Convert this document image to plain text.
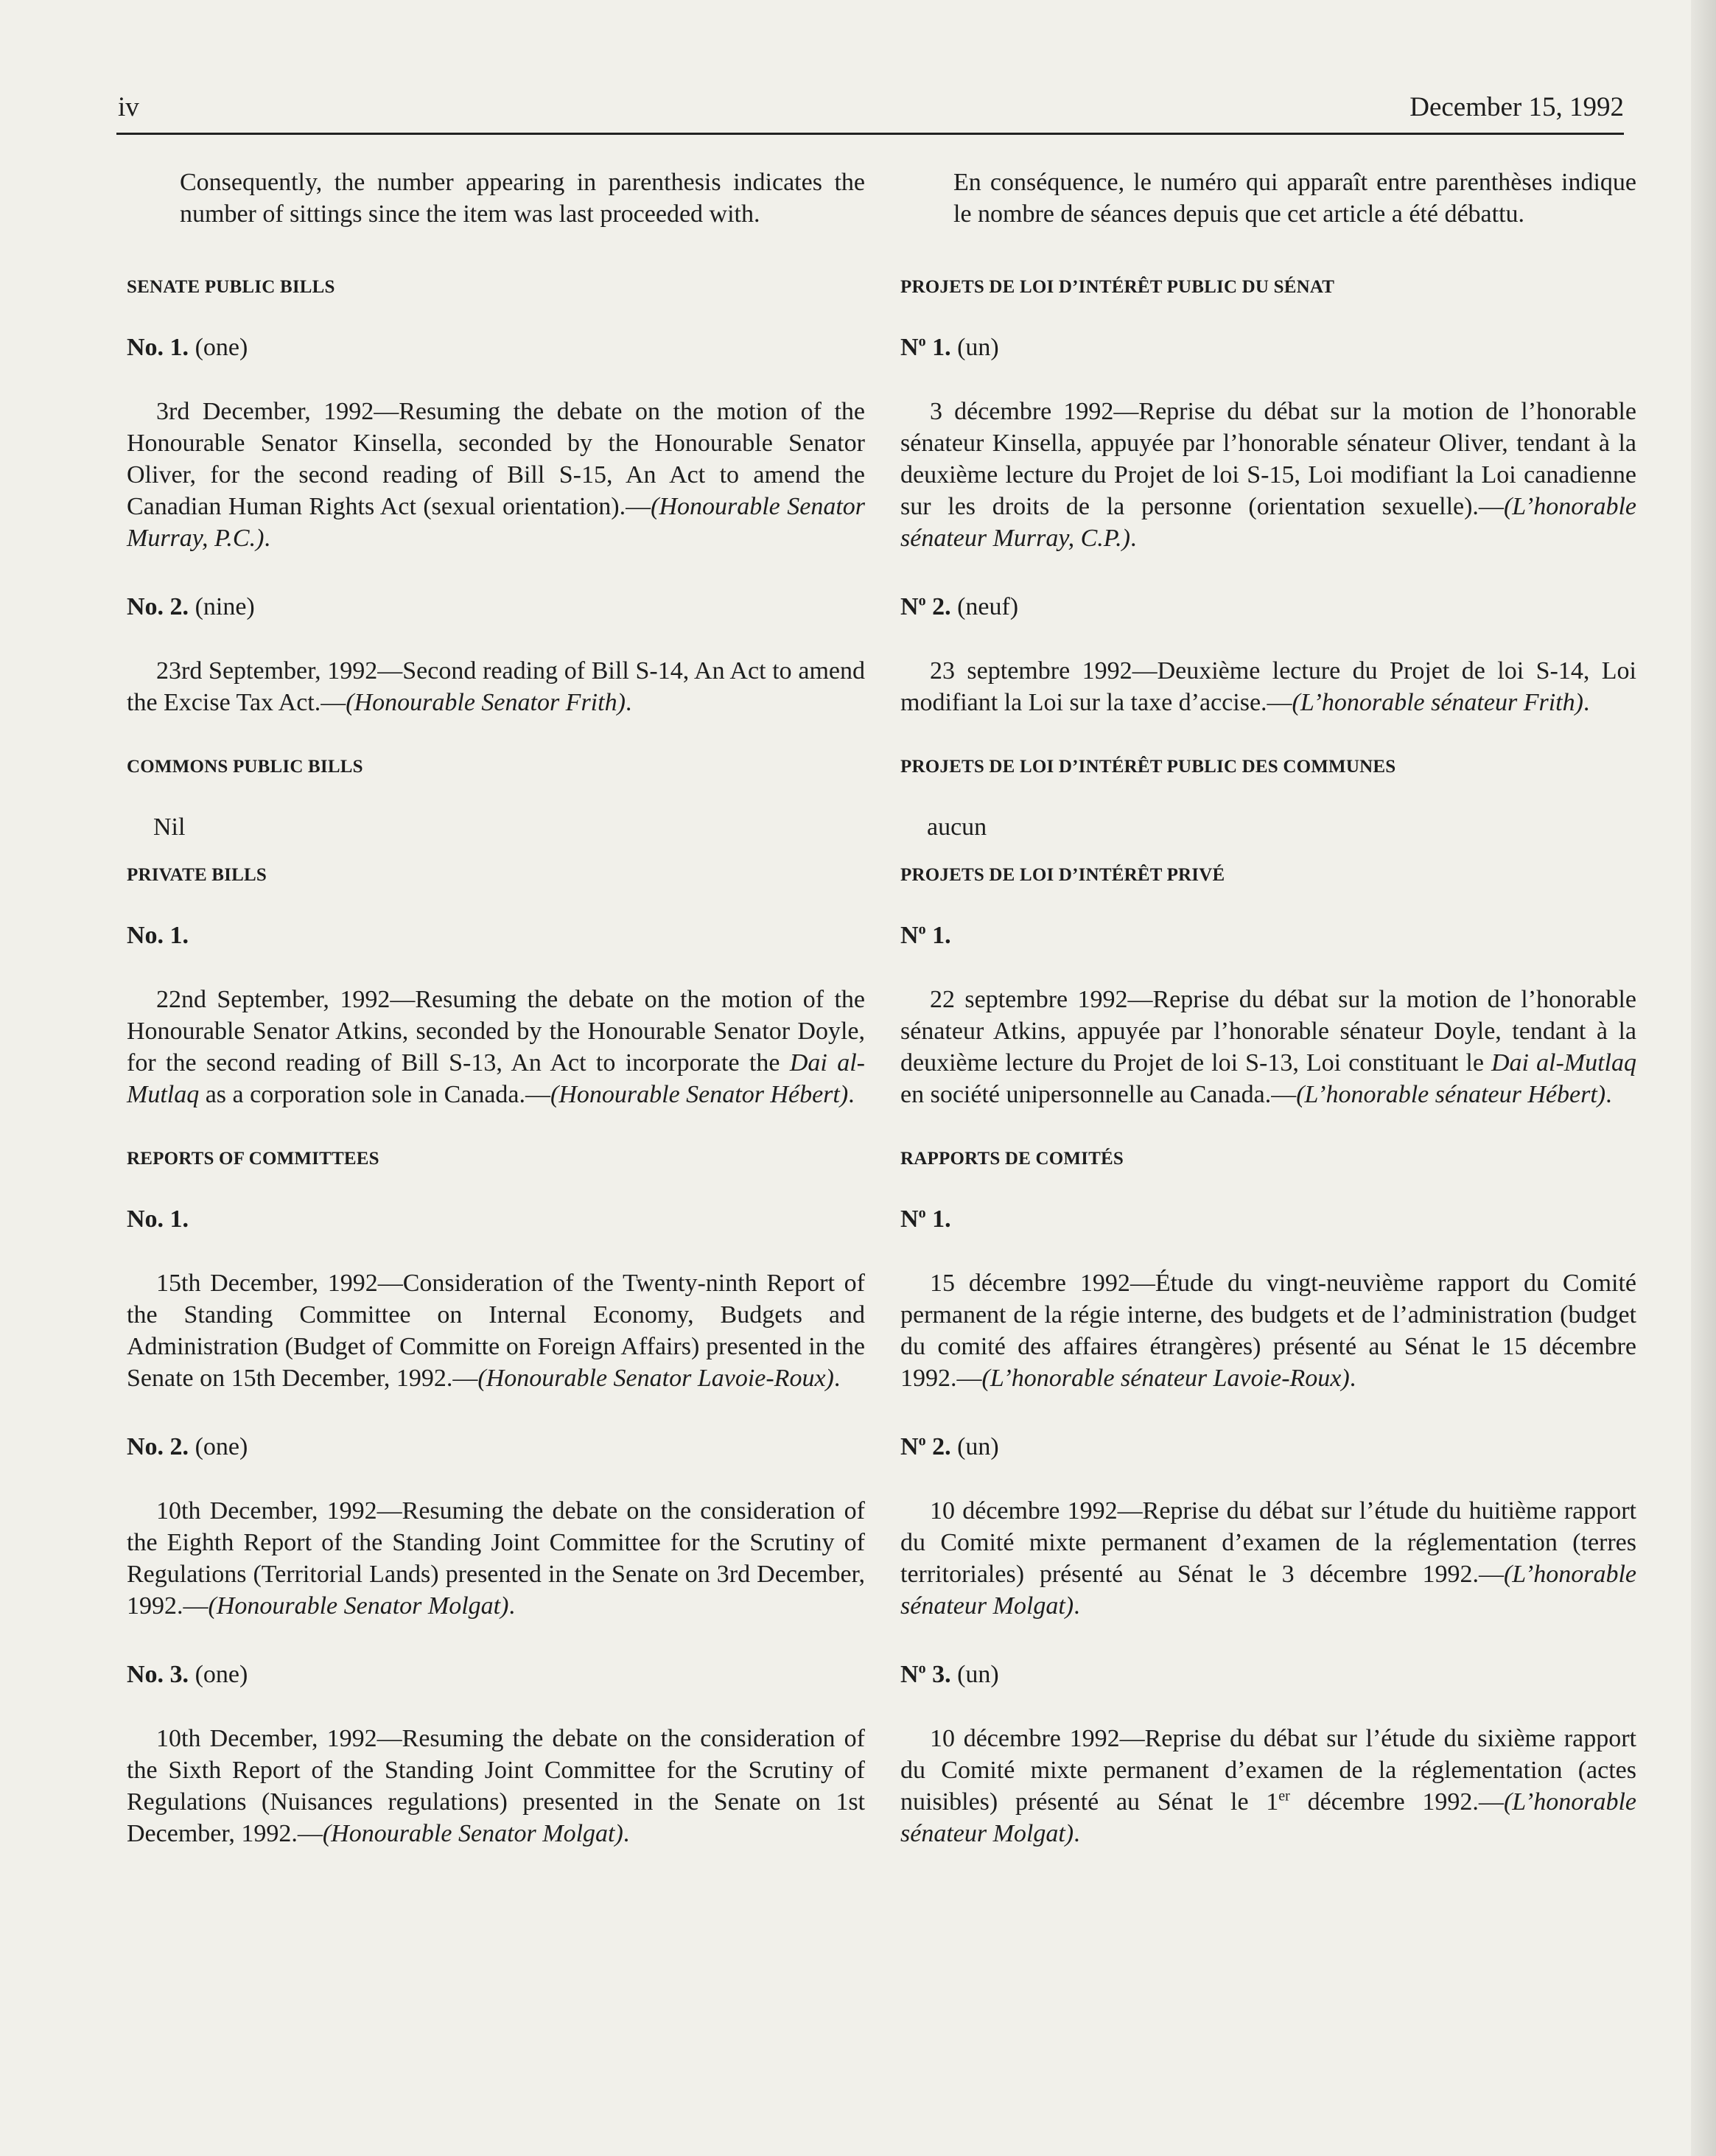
iv	December 15, 1992
Consequently, the number appearing in parenthesis indicates the number of sittings since the item was last proceeded with.
SENATE PUBLIC BILLS
No. 1. (one)
3rd December, 1992—Resuming the debate on the motion of the Honourable Senator Kinsella, seconded by the Honourable Senator Oliver, for the second reading of Bill S-15, An Act to amend the Canadian Human Rights Act (sexual orientation).—(Honourable Senator Murray, P.C.).
No. 2. (nine)
23rd September, 1992—Second reading of Bill S-14, An Act to amend the Excise Tax Act.—(Honourable Senator Frith).
COMMONS PUBLIC BILLS
Nil
PRIVATE BILLS
No. 1.
22nd September, 1992—Resuming the debate on the motion of the Honourable Senator Atkins, seconded by the Honourable Senator Doyle, for the second reading of Bill S-13, An Act to incorporate the Dai al-Mutlaq as a corporation sole in Canada.—(Honourable Senator Hébert).
REPORTS OF COMMITTEES
No. 1.
15th December, 1992—Consideration of the Twenty-ninth Report of the Standing Committee on Internal Economy, Budgets and Administration (Budget of Committe on Foreign Affairs) presented in the Senate on 15th December, 1992.—(Honourable Senator Lavoie-Roux).
No. 2. (one)
10th December, 1992—Resuming the debate on the consideration of the Eighth Report of the Standing Joint Committee for the Scrutiny of Regulations (Territorial Lands) presented in the Senate on 3rd December, 1992.—(Honourable Senator Molgat).
No. 3. (one)
10th December, 1992—Resuming the debate on the consideration of the Sixth Report of the Standing Joint Committee for the Scrutiny of Regulations (Nuisances regulations) presented in the Senate on 1st December, 1992.—(Honourable Senator Molgat).
En conséquence, le numéro qui apparaît entre parenthèses indique le nombre de séances depuis que cet article a été débattu.
PROJETS DE LOI D’INTÉRÊT PUBLIC DU SÉNAT
$N^o$ 1. (un)
3 décembre 1992—Reprise du débat sur la motion de l’honorable sénateur Kinsella, appuyée par l’honorable sénateur Oliver, tendant à la deuxième lecture du Projet de loi S-15, Loi modifiant la Loi canadienne sur les droits de la personne (orientation sexuelle).—(L’honorable sénateur Murray, C.P.).
$N^o$ 2. (neuf)
23 septembre 1992—Deuxième lecture du Projet de loi S-14, Loi modifiant la Loi sur la taxe d’accise.—(L’honorable sénateur Frith).
PROJETS DE LOI D’INTÉRÊT PUBLIC DES COMMUNES
aucun
PROJETS DE LOI D’INTÉRÊT PRIVÉ
$N^o$ 1.
22 septembre 1992—Reprise du débat sur la motion de l’honorable sénateur Atkins, appuyée par l’honorable sénateur Doyle, tendant à la deuxième lecture du Projet de loi S-13, Loi constituant le Dai al-Mutlaq en société unipersonnelle au Canada.—(L’honorable sénateur Hébert).
RAPPORTS DE COMITÉS
$N^o$ 1.
15 décembre 1992—Étude du vingt-neuvième rapport du Comité permanent de la régie interne, des budgets et de l’administration (budget du comité des affaires étrangères) présenté au Sénat le 15 décembre 1992.—(L’honorable sénateur Lavoie-Roux).
$N^o$ 2. (un)
10 décembre 1992—Reprise du débat sur l’étude du huitième rapport du Comité mixte permanent d’examen de la réglementation (terres territoriales) présenté au Sénat le 3 décembre 1992.—(L’honorable sénateur Molgat).
$N^o$ 3. (un)
10 décembre 1992—Reprise du débat sur l’étude du sixième rapport du Comité mixte permanent d’examen de la réglementation (actes nuisibles) présenté au Sénat le 1er décembre 1992.—(L’honorable sénateur Molgat).
